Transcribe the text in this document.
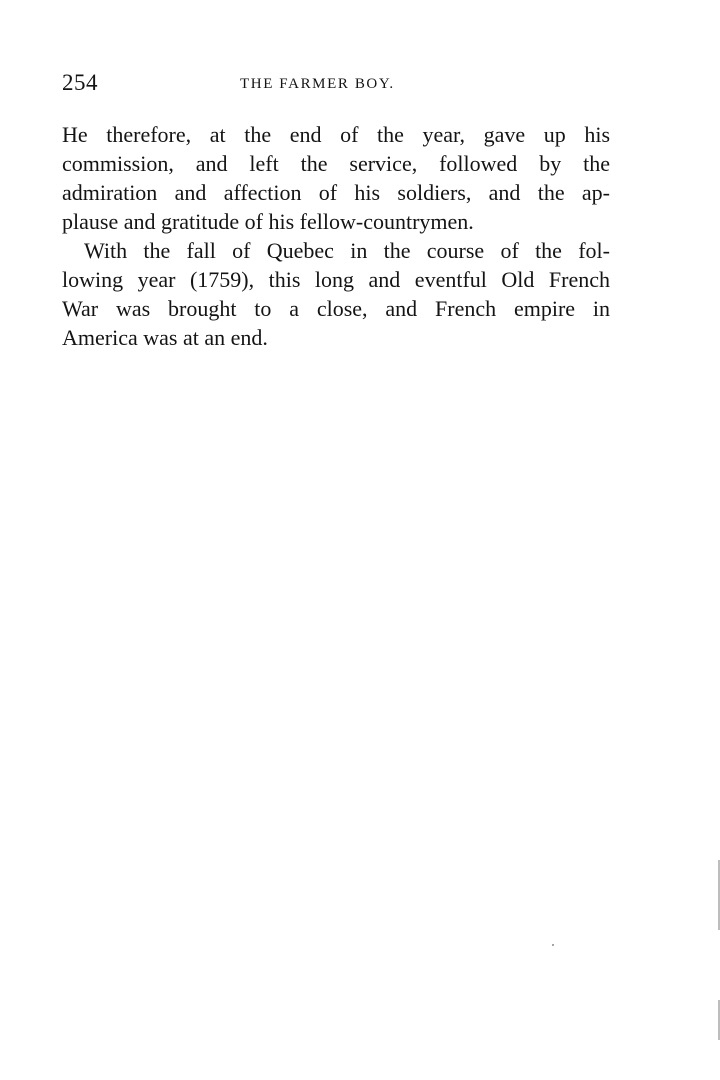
254	THE FARMER BOY.
He therefore, at the end of the year, gave up his
commission, and left the service, followed by the
admiration and affection of his soldiers, and the ap-
plause and gratitude of his fellow-countrymen.
With the fall of Quebec in the course of the fol-
lowing year (1759), this long and eventful Old French
War was brought to a close, and French empire in
America was at an end.
